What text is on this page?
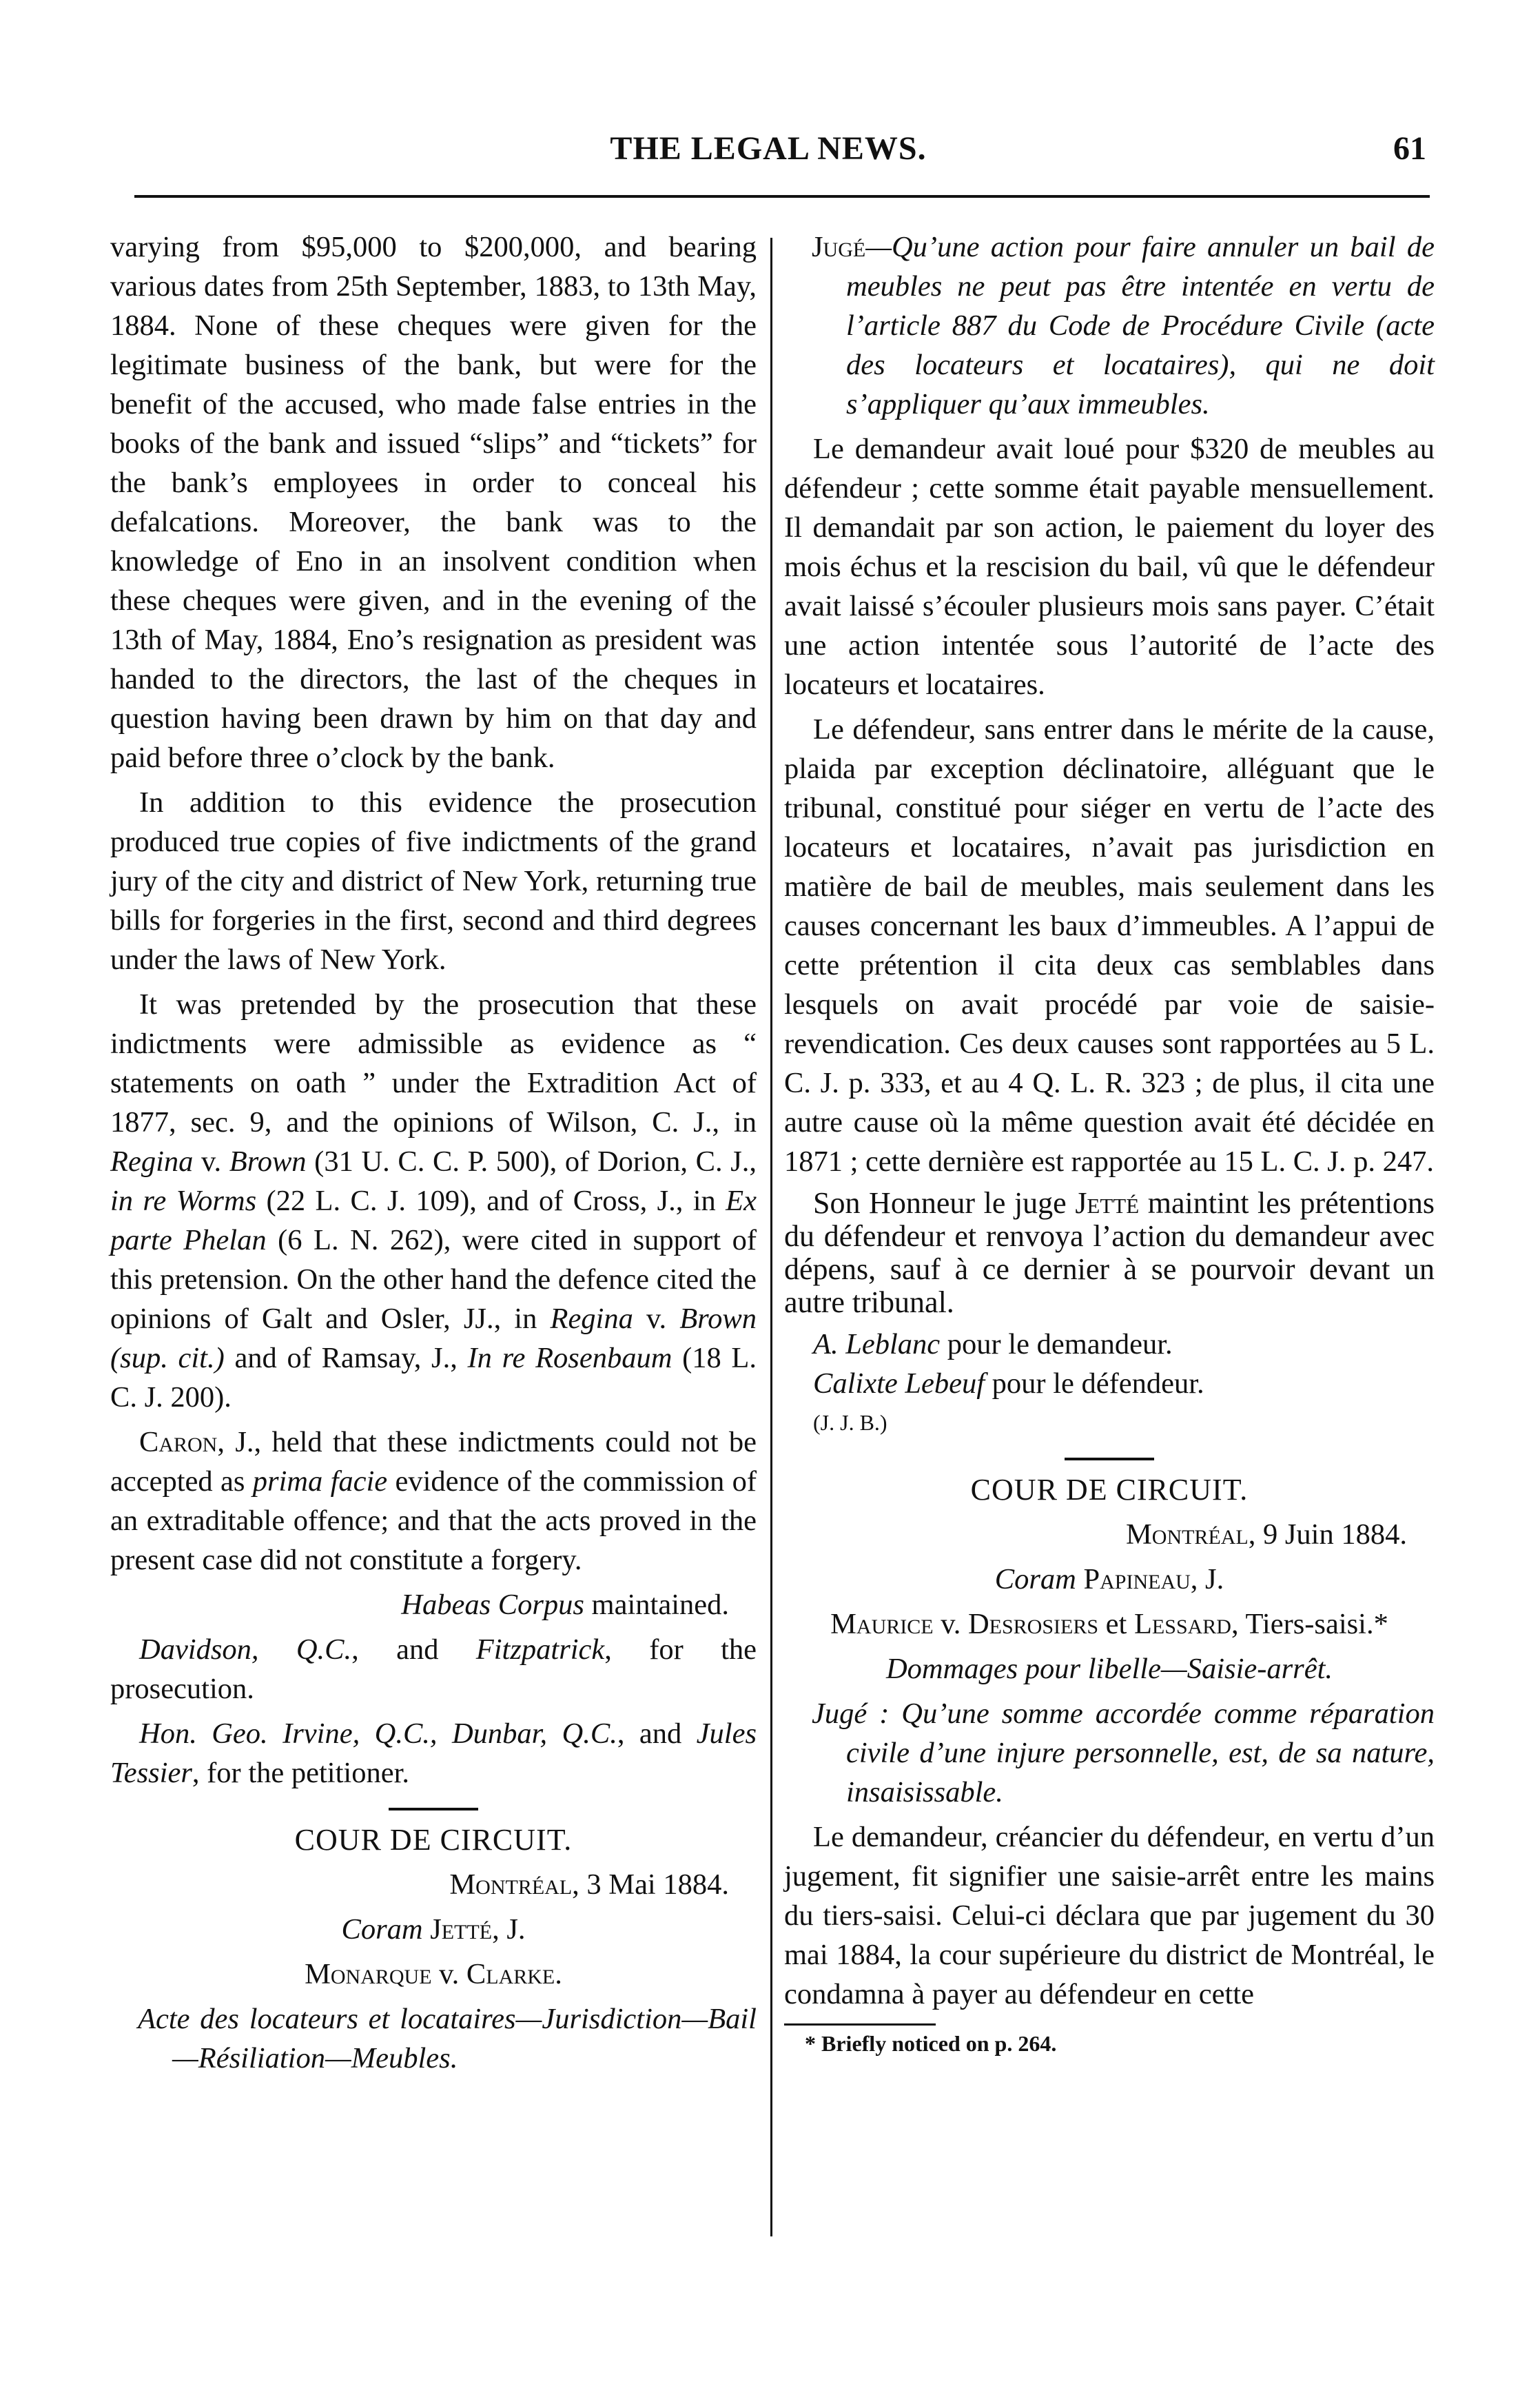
THE LEGAL NEWS.	61

varying from $95,000 to $200,000, and bearing various dates from 25th September, 1883, to 13th May, 1884. None of these cheques were given for the legitimate business of the bank, but were for the benefit of the accused, who made false entries in the books of the bank and issued “slips” and “tickets” for the bank’s employees in order to conceal his defalcations. Moreover, the bank was to the knowledge of Eno in an insolvent condition when these cheques were given, and in the evening of the 13th of May, 1884, Eno’s resignation as president was handed to the directors, the last of the cheques in question having been drawn by him on that day and paid before three o’clock by the bank.

In addition to this evidence the prosecution produced true copies of five indictments of the grand jury of the city and district of New York, returning true bills for forgeries in the first, second and third degrees under the laws of New York.

It was pretended by the prosecution that these indictments were admissible as evidence as “ statements on oath ” under the Extradition Act of 1877, sec. 9, and the opinions of Wilson, C. J., in Regina v. Brown (31 U. C. C. P. 500), of Dorion, C. J., in re Worms (22 L. C. J. 109), and of Cross, J., in Ex parte Phelan (6 L. N. 262), were cited in support of this pretension. On the other hand the defence cited the opinions of Galt and Osler, JJ., in Regina v. Brown (sup. cit.) and of Ramsay, J., In re Rosenbaum (18 L. C. J. 200).

Caron, J., held that these indictments could not be accepted as prima facie evidence of the commission of an extraditable offence; and that the acts proved in the present case did not constitute a forgery.

Habeas Corpus maintained.

Davidson, Q.C., and Fitzpatrick, for the prosecution.

Hon. Geo. Irvine, Q.C., Dunbar, Q.C., and Jules Tessier, for the petitioner.

COUR DE CIRCUIT.

Montréal, 3 Mai 1884.

Coram Jetté, J.

Monarque v. Clarke.

Acte des locateurs et locataires—Jurisdiction—Bail—Résiliation—Meubles.

Jugé—Qu’une action pour faire annuler un bail de meubles ne peut pas être intentée en vertu de l’article 887 du Code de Procédure Civile (acte des locateurs et locataires), qui ne doit s’appliquer qu’aux immeubles.

Le demandeur avait loué pour $320 de meubles au défendeur ; cette somme était payable mensuellement. Il demandait par son action, le paiement du loyer des mois échus et la rescision du bail, vû que le défendeur avait laissé s’écouler plusieurs mois sans payer. C’était une action intentée sous l’autorité de l’acte des locateurs et locataires.

Le défendeur, sans entrer dans le mérite de la cause, plaida par exception déclinatoire, alléguant que le tribunal, constitué pour siéger en vertu de l’acte des locateurs et locataires, n’avait pas jurisdiction en matière de bail de meubles, mais seulement dans les causes concernant les baux d’immeubles. A l’appui de cette prétention il cita deux cas semblables dans lesquels on avait procédé par voie de saisie-revendication. Ces deux causes sont rapportées au 5 L. C. J. p. 333, et au 4 Q. L. R. 323 ; de plus, il cita une autre cause où la même question avait été décidée en 1871 ; cette dernière est rapportée au 15 L. C. J. p. 247.

Son Honneur le juge Jetté maintint les prétentions du défendeur et renvoya l’action du demandeur avec dépens, sauf à ce dernier à se pourvoir devant un autre tribunal.

A. Leblanc pour le demandeur.

Calixte Lebeuf pour le défendeur.

(J. J. B.)

COUR DE CIRCUIT.

Montréal, 9 Juin 1884.

Coram Papineau, J.

Maurice v. Desrosiers et Lessard, Tiers-saisi.*

Dommages pour libelle—Saisie-arrêt.

Jugé : Qu’une somme accordée comme réparation civile d’une injure personnelle, est, de sa nature, insaisissable.

Le demandeur, créancier du défendeur, en vertu d’un jugement, fit signifier une saisie-arrêt entre les mains du tiers-saisi. Celui-ci déclara que par jugement du 30 mai 1884, la cour supérieure du district de Montréal, le condamna à payer au défendeur en cette

* Briefly noticed on p. 264.
